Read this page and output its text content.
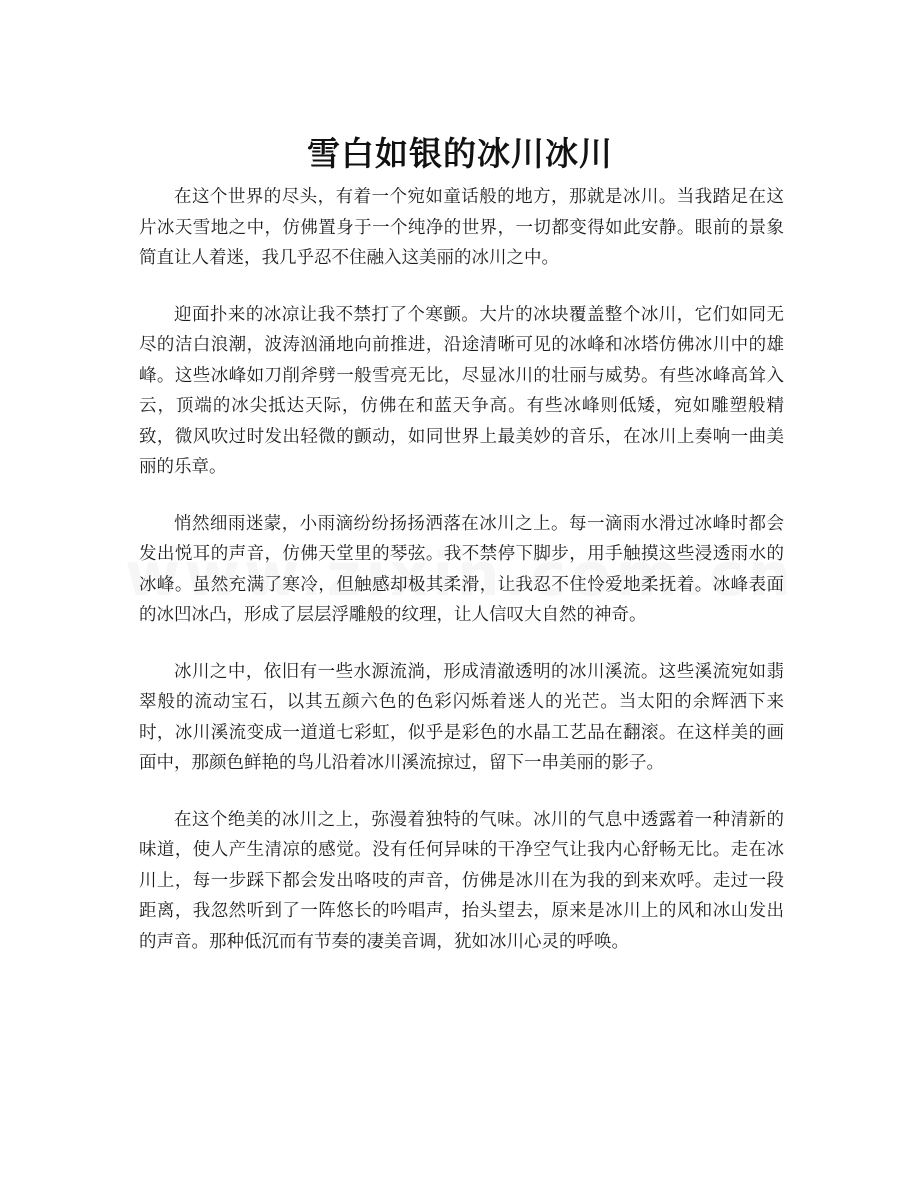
雪白如银的冰川冰川

在这个世界的尽头，有着一个宛如童话般的地方，那就是冰川。当我踏足在这片冰天雪地之中，仿佛置身于一个纯净的世界，一切都变得如此安静。眼前的景象简直让人着迷，我几乎忍不住融入这美丽的冰川之中。

迎面扑来的冰凉让我不禁打了个寒颤。大片的冰块覆盖整个冰川，它们如同无尽的洁白浪潮，波涛汹涌地向前推进，沿途清晰可见的冰峰和冰塔仿佛冰川中的雄峰。这些冰峰如刀削斧劈一般雪亮无比，尽显冰川的壮丽与威势。有些冰峰高耸入云，顶端的冰尖抵达天际，仿佛在和蓝天争高。有些冰峰则低矮，宛如雕塑般精致，微风吹过时发出轻微的颤动，如同世界上最美妙的音乐，在冰川上奏响一曲美丽的乐章。

悄然细雨迷蒙，小雨滴纷纷扬扬洒落在冰川之上。每一滴雨水滑过冰峰时都会发出悦耳的声音，仿佛天堂里的琴弦。我不禁停下脚步，用手触摸这些浸透雨水的冰峰。虽然充满了寒冷，但触感却极其柔滑，让我忍不住怜爱地柔抚着。冰峰表面的冰凹冰凸，形成了层层浮雕般的纹理，让人信叹大自然的神奇。

冰川之中，依旧有一些水源流淌，形成清澈透明的冰川溪流。这些溪流宛如翡翠般的流动宝石，以其五颜六色的色彩闪烁着迷人的光芒。当太阳的余辉洒下来时，冰川溪流变成一道道七彩虹，似乎是彩色的水晶工艺品在翻滚。在这样美的画面中，那颜色鲜艳的鸟儿沿着冰川溪流掠过，留下一串美丽的影子。

在这个绝美的冰川之上，弥漫着独特的气味。冰川的气息中透露着一种清新的味道，使人产生清凉的感觉。没有任何异味的干净空气让我内心舒畅无比。走在冰川上，每一步踩下都会发出咯吱的声音，仿佛是冰川在为我的到来欢呼。走过一段距离，我忽然听到了一阵悠长的吟唱声，抬头望去，原来是冰川上的风和冰山发出的声音。那种低沉而有节奏的凄美音调，犹如冰川心灵的呼唤。
